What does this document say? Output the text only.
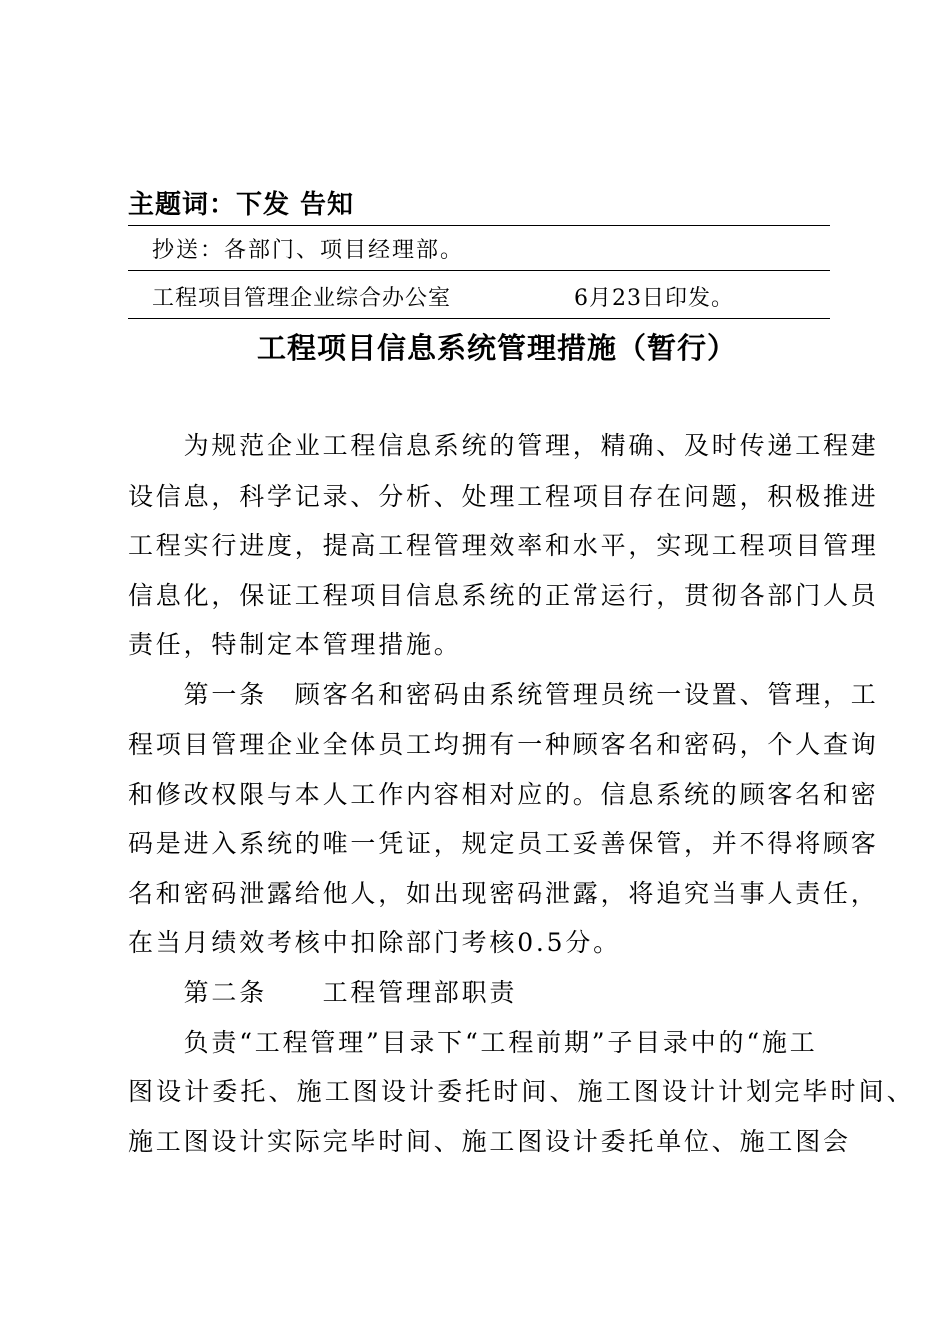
主题词：下发 告知
抄送：各部门、项目经理部。
工程项目管理企业综合办公室	6月23日印发。
工程项目信息系统管理措施（暂行）
　　为规范企业工程信息系统的管理，精确、及时传递工程建
设信息，科学记录、分析、处理工程项目存在问题，积极推进
工程实行进度，提高工程管理效率和水平，实现工程项目管理
信息化，保证工程项目信息系统的正常运行，贯彻各部门人员
责任，特制定本管理措施。
　　第一条　顾客名和密码由系统管理员统一设置、管理，工
程项目管理企业全体员工均拥有一种顾客名和密码，个人查询
和修改权限与本人工作内容相对应的。信息系统的顾客名和密
码是进入系统的唯一凭证，规定员工妥善保管，并不得将顾客
名和密码泄露给他人，如出现密码泄露，将追究当事人责任，
在当月绩效考核中扣除部门考核0.5分。
　　第二条　　工程管理部职责
　　负责“工程管理”目录下“工程前期”子目录中的“施工
图设计委托、施工图设计委托时间、施工图设计计划完毕时间、
施工图设计实际完毕时间、施工图设计委托单位、施工图会
